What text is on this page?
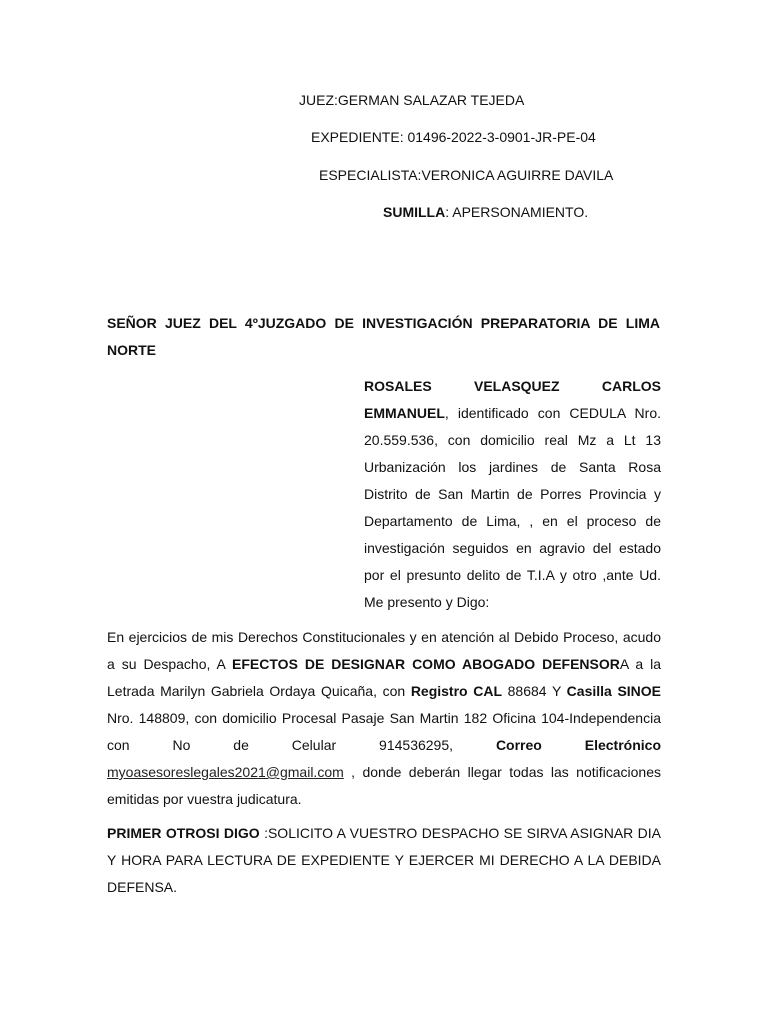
JUEZ:GERMAN SALAZAR TEJEDA
EXPEDIENTE: 01496-2022-3-0901-JR-PE-04
ESPECIALISTA:VERONICA AGUIRRE DAVILA
SUMILLA: APERSONAMIENTO.
SEÑOR JUEZ DEL 4ºJUZGADO DE INVESTIGACIÓN PREPARATORIA DE LIMA NORTE
ROSALES VELASQUEZ CARLOS EMMANUEL, identificado con CEDULA Nro. 20.559.536, con domicilio real Mz a Lt 13 Urbanización los jardines de Santa Rosa Distrito de San Martin de Porres Provincia y Departamento de Lima, , en el proceso de investigación seguidos en agravio del estado por el presunto delito de T.I.A y otro ,ante Ud. Me presento y Digo:
En ejercicios de mis Derechos Constitucionales y en atención al Debido Proceso, acudo a su Despacho, A EFECTOS DE DESIGNAR COMO ABOGADO DEFENSORA a la Letrada Marilyn Gabriela Ordaya Quicaña, con Registro CAL 88684 Y Casilla SINOE Nro. 148809, con domicilio Procesal Pasaje San Martin 182 Oficina 104-Independencia con No de Celular 914536295, Correo Electrónico myoasesoreslegales2021@gmail.com , donde deberán llegar todas las notificaciones emitidas por vuestra judicatura.
PRIMER OTROSI DIGO :SOLICITO A VUESTRO DESPACHO SE SIRVA ASIGNAR DIA Y HORA PARA LECTURA DE EXPEDIENTE Y EJERCER MI DERECHO A LA DEBIDA DEFENSA.
